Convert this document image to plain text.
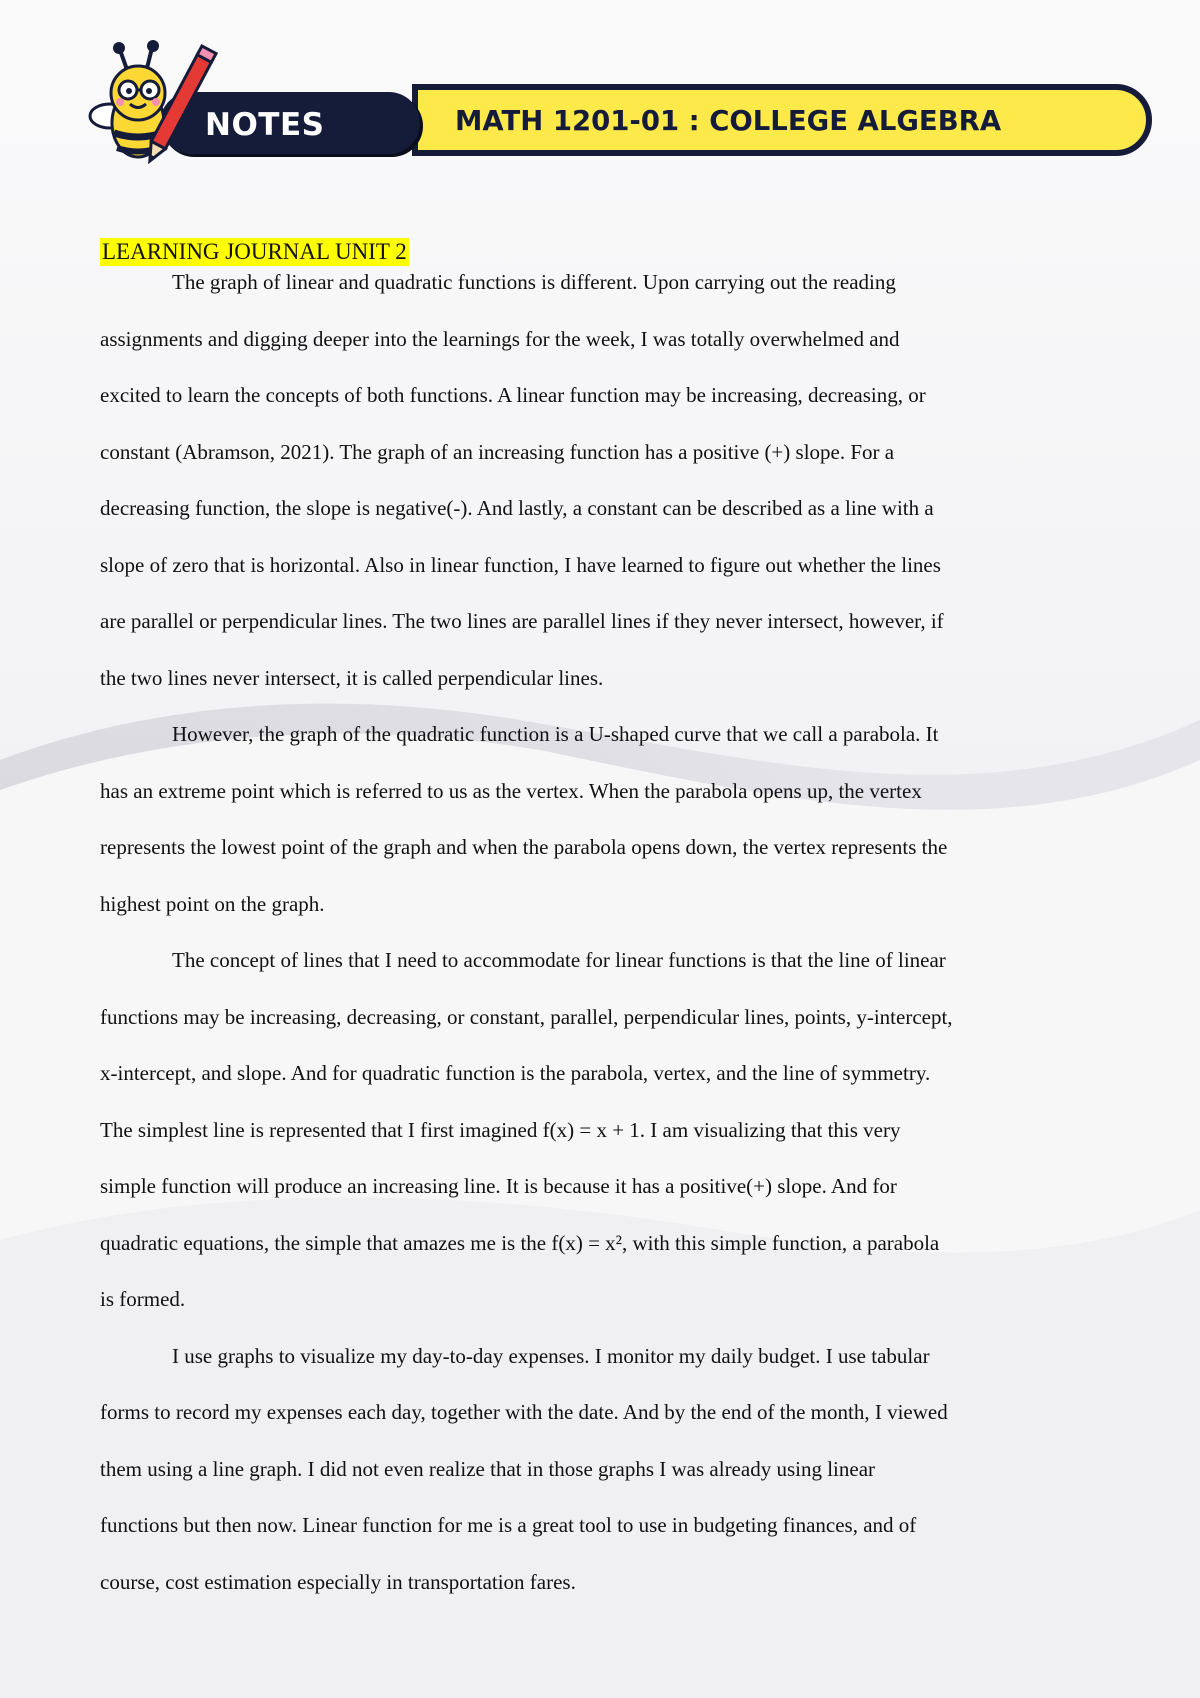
NOTES	MATH 1201-01 : COLLEGE ALGEBRA
LEARNING JOURNAL UNIT 2
The graph of linear and quadratic functions is different. Upon carrying out the reading
assignments and digging deeper into the learnings for the week, I was totally overwhelmed and
excited to learn the concepts of both functions. A linear function may be increasing, decreasing, or
constant (Abramson, 2021). The graph of an increasing function has a positive (+) slope. For a
decreasing function, the slope is negative(-). And lastly, a constant can be described as a line with a
slope of zero that is horizontal. Also in linear function, I have learned to figure out whether the lines
are parallel or perpendicular lines. The two lines are parallel lines if they never intersect, however, if
the two lines never intersect, it is called perpendicular lines.
However, the graph of the quadratic function is a U-shaped curve that we call a parabola. It
has an extreme point which is referred to us as the vertex. When the parabola opens up, the vertex
represents the lowest point of the graph and when the parabola opens down, the vertex represents the
highest point on the graph.
The concept of lines that I need to accommodate for linear functions is that the line of linear
functions may be increasing, decreasing, or constant, parallel, perpendicular lines, points, y-intercept,
x-intercept, and slope. And for quadratic function is the parabola, vertex, and the line of symmetry.
The simplest line is represented that I first imagined f(x) = x + 1. I am visualizing that this very
simple function will produce an increasing line. It is because it has a positive(+) slope. And for
quadratic equations, the simple that amazes me is the f(x) = x², with this simple function, a parabola
is formed.
I use graphs to visualize my day-to-day expenses. I monitor my daily budget. I use tabular
forms to record my expenses each day, together with the date. And by the end of the month, I viewed
them using a line graph. I did not even realize that in those graphs I was already using linear
functions but then now. Linear function for me is a great tool to use in budgeting finances, and of
course, cost estimation especially in transportation fares.
